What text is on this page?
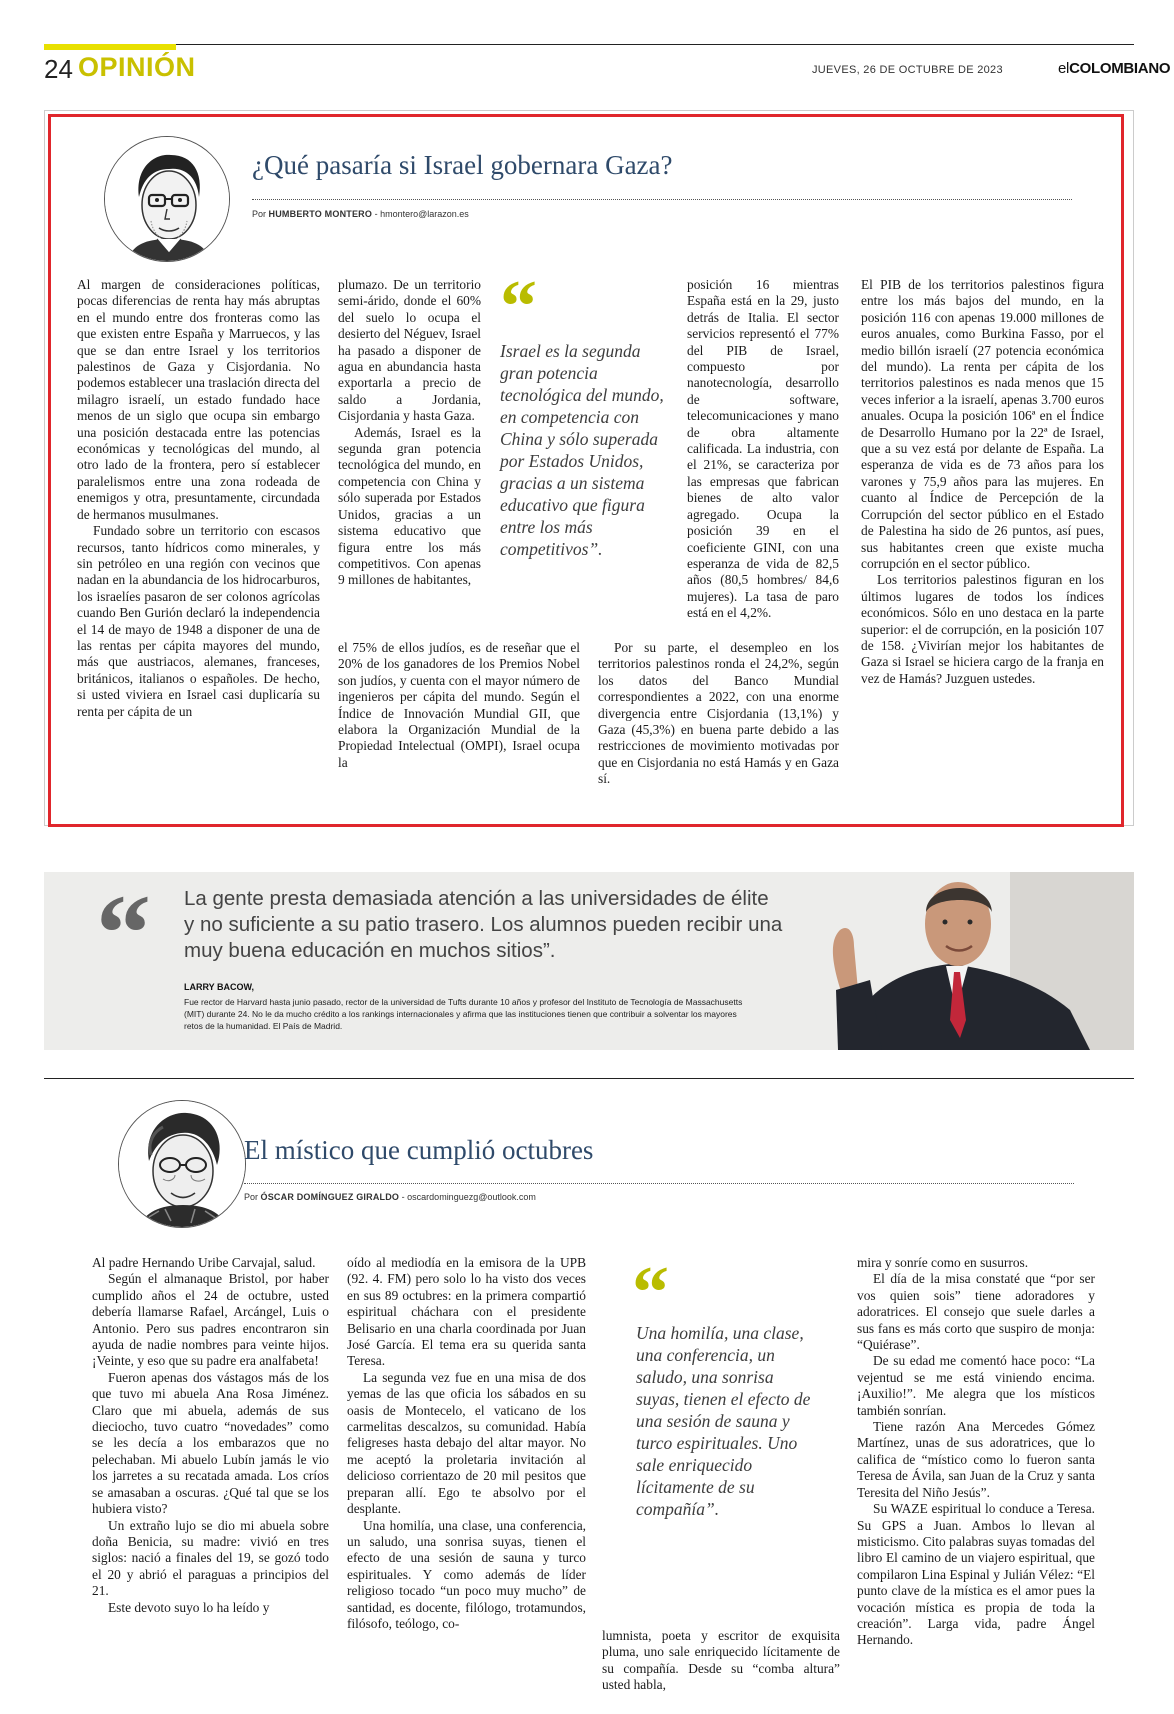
24 OPINIÓN	JUEVES, 26 DE OCTUBRE DE 2023	elCOLOMBIANO
¿Qué pasaría si Israel gobernara Gaza?
Por HUMBERTO MONTERO - hmontero@larazon.es

Al margen de consideraciones políticas, pocas diferencias de renta hay más abruptas en el mundo entre dos fronteras como las que existen entre España y Marruecos, y las que se dan entre Israel y los territorios palestinos de Gaza y Cisjordania. No podemos establecer una traslación directa del milagro israelí, un estado fundado hace menos de un siglo que ocupa sin embargo una posición destacada entre las potencias económicas y tecnológicas del mundo, al otro lado de la frontera, pero sí establecer paralelismos entre una zona rodeada de enemigos y otra, presuntamente, circundada de hermanos musulmanes.

Fundado sobre un territorio con escasos recursos, tanto hídricos como minerales, y sin petróleo en una región con vecinos que nadan en la abundancia de los hidrocarburos, los israelíes pasaron de ser colonos agrícolas cuando Ben Gurión declaró la independencia el 14 de mayo de 1948 a disponer de una de las rentas per cápita mayores del mundo, más que austriacos, alemanes, franceses, británicos, italianos o españoles. De hecho, si usted viviera en Israel casi duplicaría su renta per cápita de un

plumazo. De un territorio semi-árido, donde el 60% del suelo lo ocupa el desierto del Néguev, Israel ha pasado a disponer de agua en abundancia hasta exportarla a precio de saldo a Jordania, Cisjordania y hasta Gaza.

Además, Israel es la segunda gran potencia tecnológica del mundo, en competencia con China y sólo superada por Estados Unidos, gracias a un sistema educativo que figura entre los más competitivos. Con apenas 9 millones de habitantes,

el 75% de ellos judíos, es de reseñar que el 20% de los ganadores de los Premios Nobel son judíos, y cuenta con el mayor número de ingenieros per cápita del mundo. Según el Índice de Innovación Mundial GII, que elabora la Organización Mundial de la Propiedad Intelectual (OMPI), Israel ocupa la

“
Israel es la segunda gran potencia tecnológica del mundo, en competencia con China y sólo superada por Estados Unidos, gracias a un sistema educativo que figura entre los más competitivos”.

posición 16 mientras España está en la 29, justo detrás de Italia. El sector servicios representó el 77% del PIB de Israel, compuesto por nanotecnología, desarrollo de software, telecomunicaciones y mano de obra altamente calificada. La industria, con el 21%, se caracteriza por las empresas que fabrican bienes de alto valor agregado. Ocupa la posición 39 en el coeficiente GINI, con una esperanza de vida de 82,5 años (80,5 hombres/ 84,6 mujeres). La tasa de paro está en el 4,2%.

Por su parte, el desempleo en los territorios palestinos ronda el 24,2%, según los datos del Banco Mundial correspondientes a 2022, con una enorme divergencia entre Cisjordania (13,1%) y Gaza (45,3%) en buena parte debido a las restricciones de movimiento motivadas por que en Cisjordania no está Hamás y en Gaza sí.

El PIB de los territorios palestinos figura entre los más bajos del mundo, en la posición 116 con apenas 19.000 millones de euros anuales, como Burkina Fasso, por el medio billón israelí (27 potencia económica del mundo). La renta per cápita de los territorios palestinos es nada menos que 15 veces inferior a la israelí, apenas 3.700 euros anuales. Ocupa la posición 106ª en el Índice de Desarrollo Humano por la 22ª de Israel, que a su vez está por delante de España. La esperanza de vida es de 73 años para los varones y 75,9 años para las mujeres. En cuanto al Índice de Percepción de la Corrupción del sector público en el Estado de Palestina ha sido de 26 puntos, así pues, sus habitantes creen que existe mucha corrupción en el sector público.

Los territorios palestinos figuran en los últimos lugares de todos los índices económicos. Sólo en uno destaca en la parte superior: el de corrupción, en la posición 107 de 158. ¿Vivirían mejor los habitantes de Gaza si Israel se hiciera cargo de la franja en vez de Hamás? Juzguen ustedes.

“ La gente presta demasiada atención a las universidades de élite y no suficiente a su patio trasero. Los alumnos pueden recibir una muy buena educación en muchos sitios”.
LARRY BACOW,
Fue rector de Harvard hasta junio pasado, rector de la universidad de Tufts durante 10 años y profesor del Instituto de Tecnología de Massachusetts (MIT) durante 24. No le da mucho crédito a los rankings internacionales y afirma que las instituciones tienen que contribuir a solventar los mayores retos de la humanidad. El País de Madrid.
El místico que cumplió octubres
Por ÓSCAR DOMÍNGUEZ GIRALDO - oscardominguezg@outlook.com

Al padre Hernando Uribe Carvajal, salud.

Según el almanaque Bristol, por haber cumplido años el 24 de octubre, usted debería llamarse Rafael, Arcángel, Luis o Antonio. Pero sus padres encontraron sin ayuda de nadie nombres para veinte hijos. ¡Veinte, y eso que su padre era analfabeta!

Fueron apenas dos vástagos más de los que tuvo mi abuela Ana Rosa Jiménez. Claro que mi abuela, además de sus dieciocho, tuvo cuatro “novedades” como se les decía a los embarazos que no pelechaban. Mi abuelo Lubín jamás le vio los jarretes a su recatada amada. Los críos se amasaban a oscuras. ¿Qué tal que se los hubiera visto?

Un extraño lujo se dio mi abuela sobre doña Benicia, su madre: vivió en tres siglos: nació a finales del 19, se gozó todo el 20 y abrió el paraguas a principios del 21.

Este devoto suyo lo ha leído y

oído al mediodía en la emisora de la UPB (92. 4. FM) pero solo lo ha visto dos veces en sus 89 octubres: en la primera compartió espiritual cháchara con el presidente Belisario en una charla coordinada por Juan José García. El tema era su querida santa Teresa.

La segunda vez fue en una misa de dos yemas de las que oficia los sábados en su oasis de Montecelo, el vaticano de los carmelitas descalzos, su comunidad. Había feligreses hasta debajo del altar mayor. No me aceptó la proletaria invitación al delicioso corrientazo de 20 mil pesitos que preparan allí. Ego te absolvo por el desplante.

Una homilía, una clase, una conferencia, un saludo, una sonrisa suyas, tienen el efecto de una sesión de sauna y turco espirituales. Y como además de líder religioso tocado “un poco muy mucho” de santidad, es docente, filólogo, trotamundos, filósofo, teólogo, co-

“
Una homilía, una clase, una conferencia, un saludo, una sonrisa suyas, tienen el efecto de una sesión de sauna y turco espirituales. Uno sale enriquecido lícitamente de su compañía”.

lumnista, poeta y escritor de exquisita pluma, uno sale enriquecido lícitamente de su compañía. Desde su “comba altura” usted habla,

mira y sonríe como en susurros.

El día de la misa constaté que “por ser vos quien sois” tiene adoradores y adoratrices. El consejo que suele darles a sus fans es más corto que suspiro de monja: “Quiérase”.

De su edad me comentó hace poco: “La vejentud se me está viniendo encima. ¡Auxilio!”. Me alegra que los místicos también sonrían.

Tiene razón Ana Mercedes Gómez Martínez, unas de sus adoratrices, que lo califica de “místico como lo fueron santa Teresa de Ávila, san Juan de la Cruz y santa Teresita del Niño Jesús”.

Su WAZE espiritual lo conduce a Teresa. Su GPS a Juan. Ambos lo llevan al misticismo. Cito palabras suyas tomadas del libro El camino de un viajero espiritual, que compilaron Lina Espinal y Julián Vélez: “El punto clave de la mística es el amor pues la vocación mística es propia de toda la creación”. Larga vida, padre Ángel Hernando.
